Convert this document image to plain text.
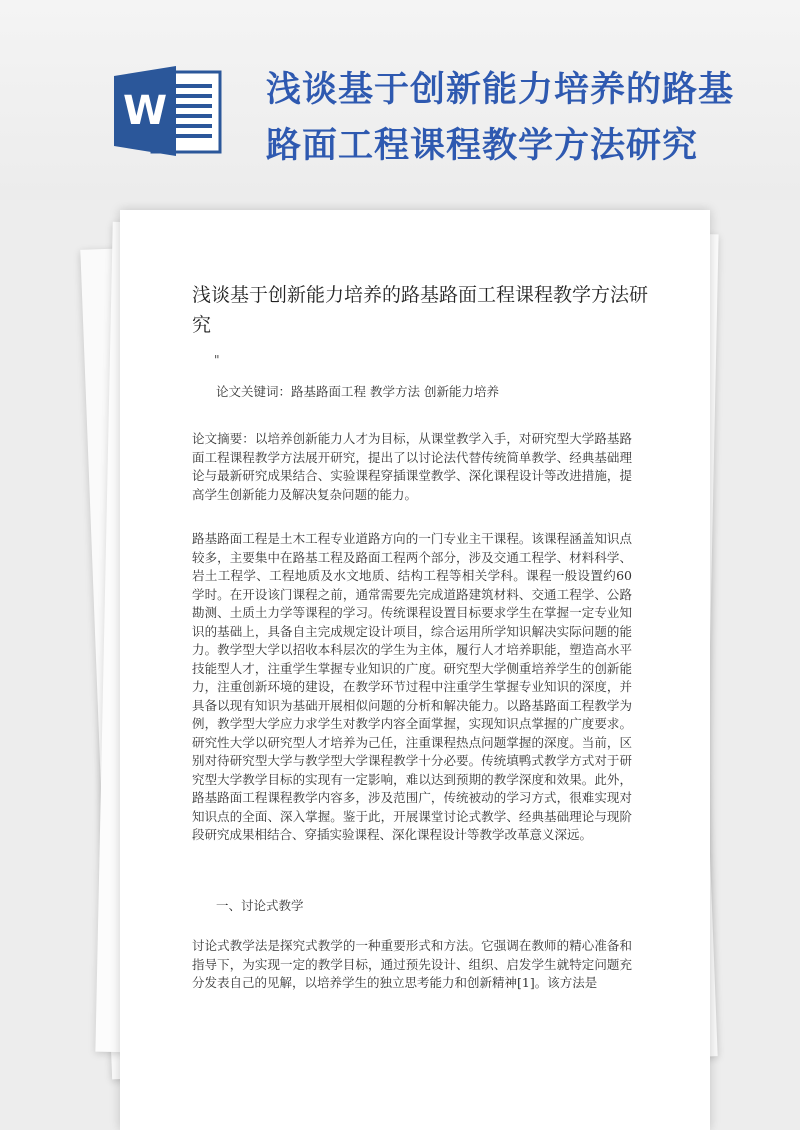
W	浅谈基于创新能力培养的路基路面工程课程教学方法研究
浅谈基于创新能力培养的路基路面工程课程教学方法研究
"
论文关键词：路基路面工程 教学方法 创新能力培养
论文摘要：以培养创新能力人才为目标，从课堂教学入手，对研究型大学路基路面工程课程教学方法展开研究，提出了以讨论法代替传统简单教学、经典基础理论与最新研究成果结合、实验课程穿插课堂教学、深化课程设计等改进措施，提高学生创新能力及解决复杂问题的能力。
路基路面工程是土木工程专业道路方向的一门专业主干课程。该课程涵盖知识点较多，主要集中在路基工程及路面工程两个部分，涉及交通工程学、材料科学、岩土工程学、工程地质及水文地质、结构工程等相关学科。课程一般设置约60学时。在开设该门课程之前，通常需要先完成道路建筑材料、交通工程学、公路勘测、土质土力学等课程的学习。传统课程设置目标要求学生在掌握一定专业知识的基础上，具备自主完成规定设计项目，综合运用所学知识解决实际问题的能力。教学型大学以招收本科层次的学生为主体，履行人才培养职能，塑造高水平技能型人才，注重学生掌握专业知识的广度。研究型大学侧重培养学生的创新能力，注重创新环境的建设，在教学环节过程中注重学生掌握专业知识的深度，并具备以现有知识为基础开展相似问题的分析和解决能力。以路基路面工程教学为例，教学型大学应力求学生对教学内容全面掌握，实现知识点掌握的广度要求。研究性大学以研究型人才培养为己任，注重课程热点问题掌握的深度。当前，区别对待研究型大学与教学型大学课程教学十分必要。传统填鸭式教学方式对于研究型大学教学目标的实现有一定影响，难以达到预期的教学深度和效果。此外，路基路面工程课程教学内容多，涉及范围广，传统被动的学习方式，很难实现对知识点的全面、深入掌握。鉴于此，开展课堂讨论式教学、经典基础理论与现阶段研究成果相结合、穿插实验课程、深化课程设计等教学改革意义深远。
一、讨论式教学
讨论式教学法是探究式教学的一种重要形式和方法。它强调在教师的精心准备和指导下，为实现一定的教学目标，通过预先设计、组织、启发学生就特定问题充分发表自己的见解，以培养学生的独立思考能力和创新精神[1]。该方法是
